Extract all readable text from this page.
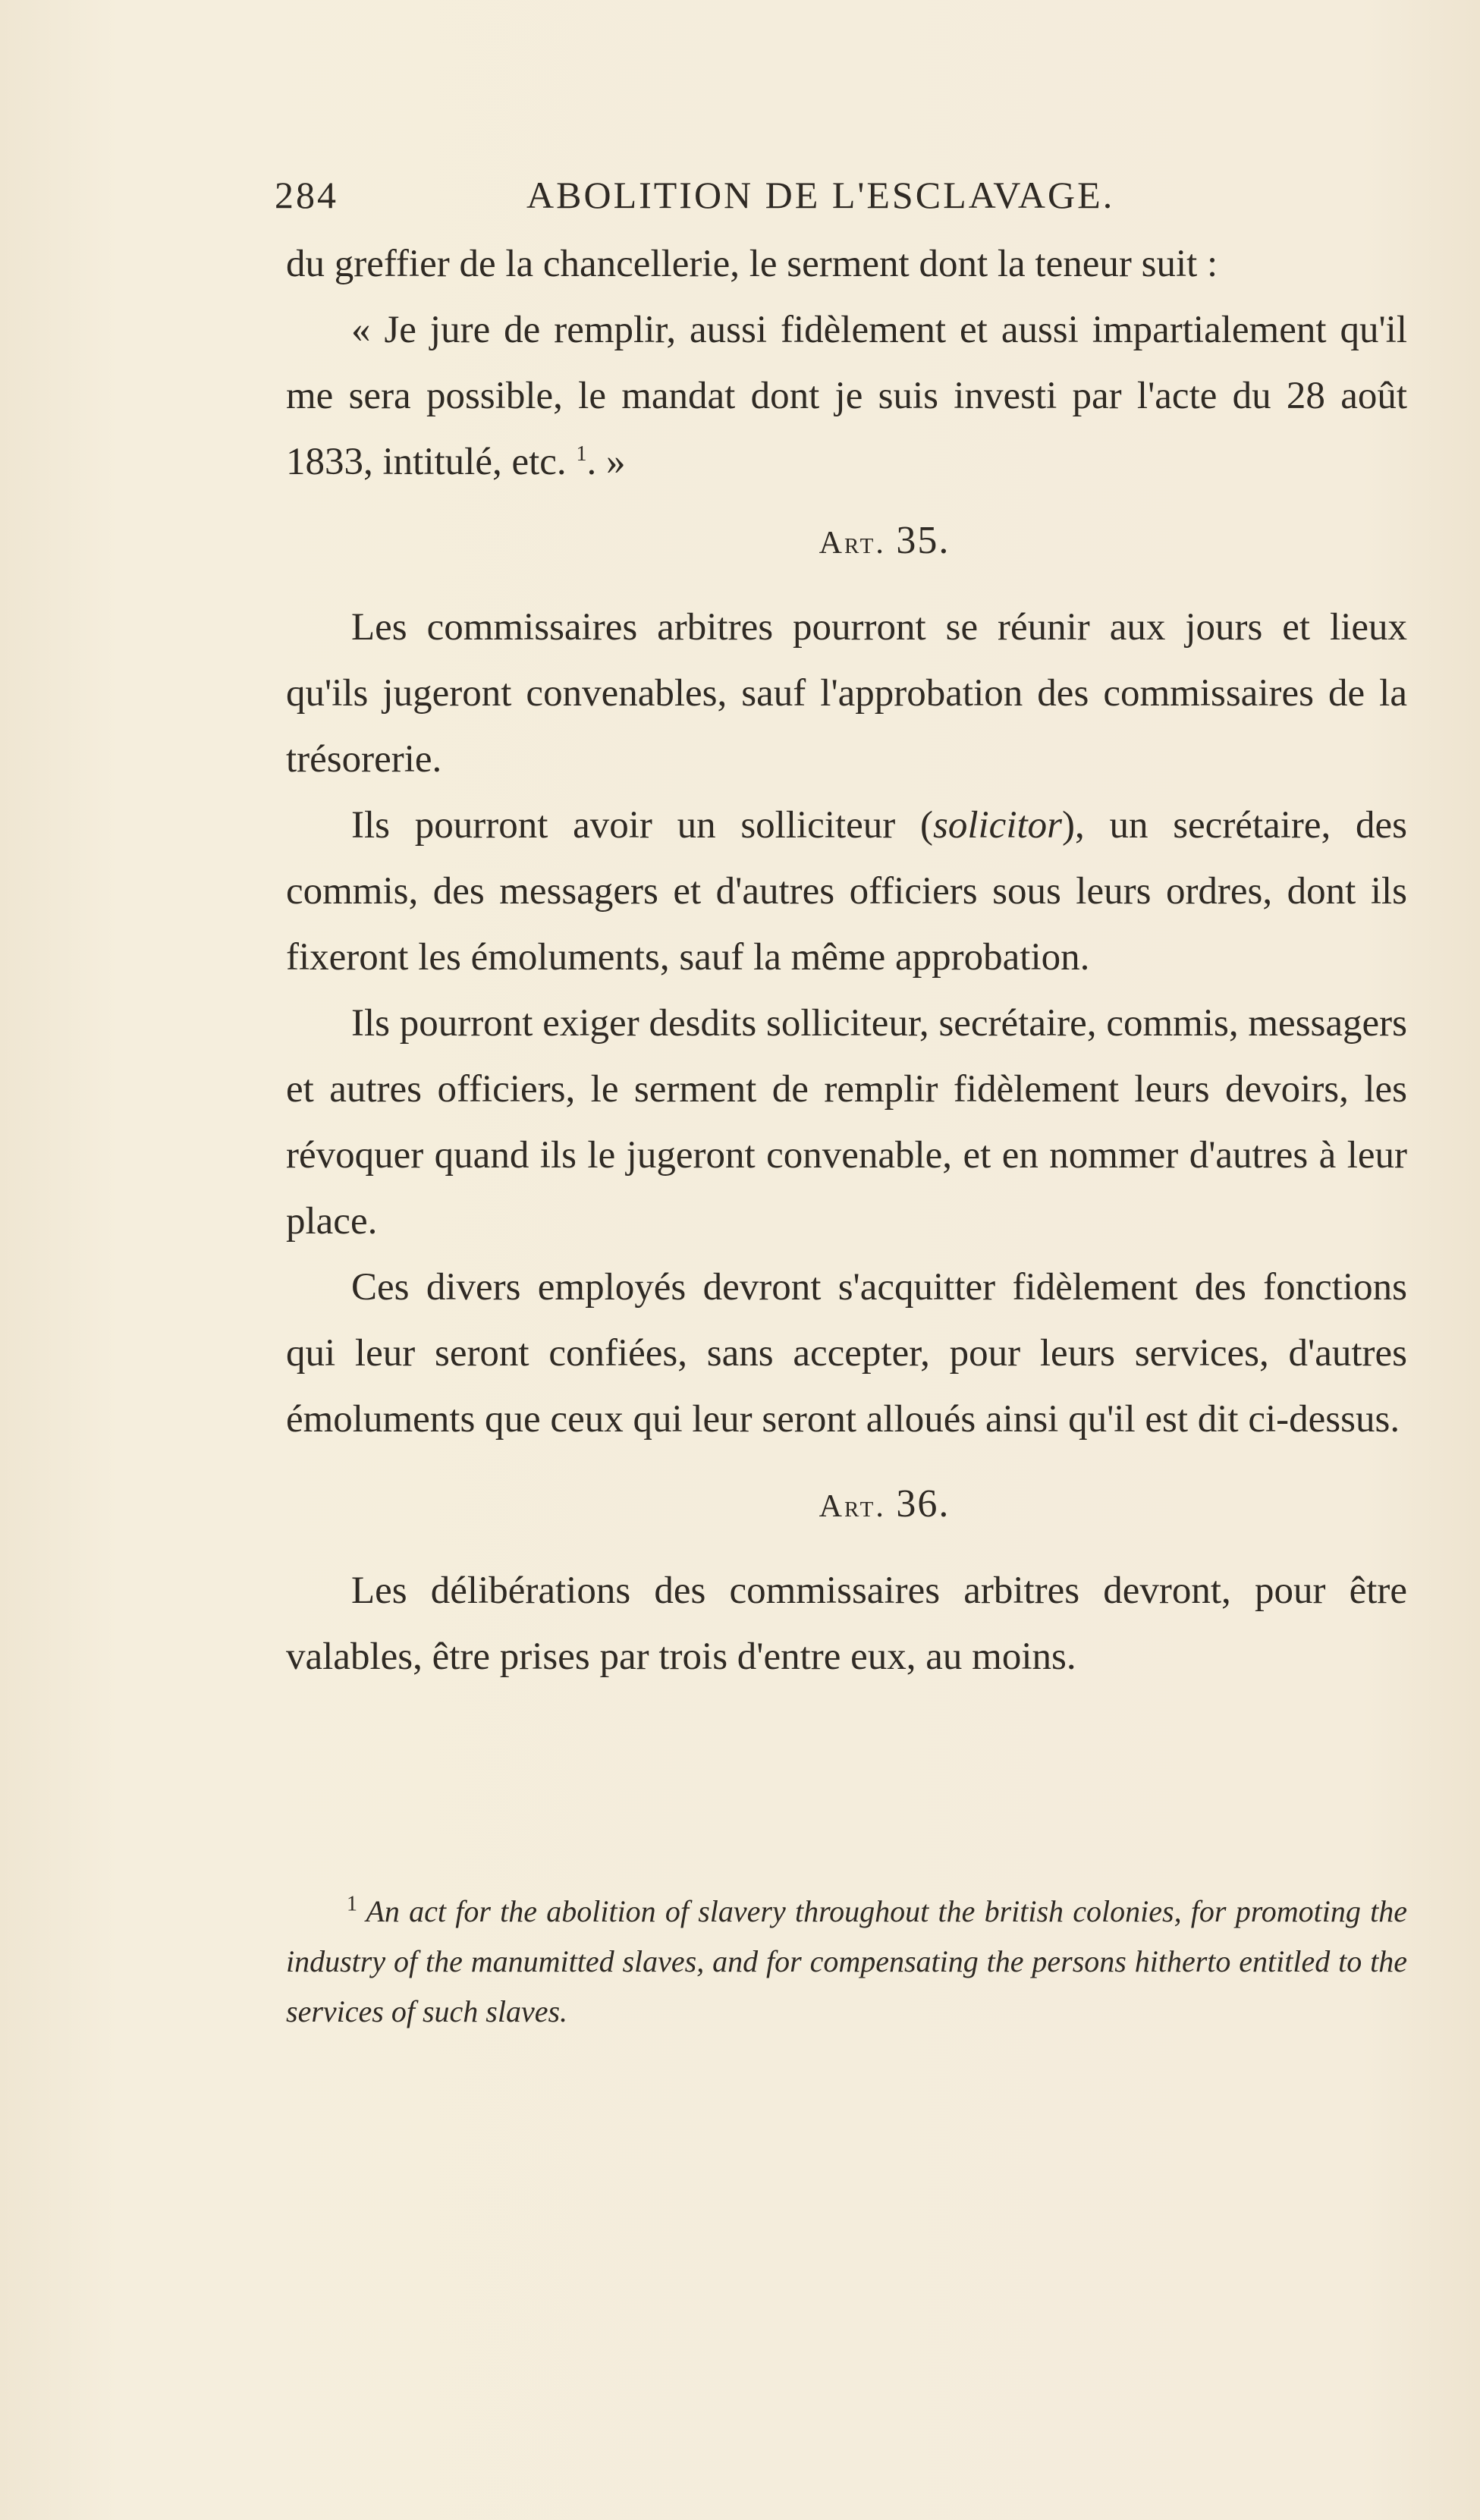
284	ABOLITION DE L'ESCLAVAGE.

du greffier de la chancellerie, le serment dont la teneur suit :

« Je jure de remplir, aussi fidèlement et aussi impartialement qu'il me sera possible, le mandat dont je suis investi par l'acte du 28 août 1833, intitulé, etc. $^1$. »

Art. 35.

Les commissaires arbitres pourront se réunir aux jours et lieux qu'ils jugeront convenables, sauf l'approbation des commissaires de la trésorerie.

Ils pourront avoir un solliciteur (solicitor), un secrétaire, des commis, des messagers et d'autres officiers sous leurs ordres, dont ils fixeront les émoluments, sauf la même approbation.

Ils pourront exiger desdits solliciteur, secrétaire, commis, messagers et autres officiers, le serment de remplir fidèlement leurs devoirs, les révoquer quand ils le jugeront convenable, et en nommer d'autres à leur place.

Ces divers employés devront s'acquitter fidèlement des fonctions qui leur seront confiées, sans accepter, pour leurs services, d'autres émoluments que ceux qui leur seront alloués ainsi qu'il est dit ci-dessus.

Art. 36.

Les délibérations des commissaires arbitres devront, pour être valables, être prises par trois d'entre eux, au moins.

$^1$ An act for the abolition of slavery throughout the british colonies, for promoting the industry of the manumitted slaves, and for compensating the persons hitherto entitled to the services of such slaves.
